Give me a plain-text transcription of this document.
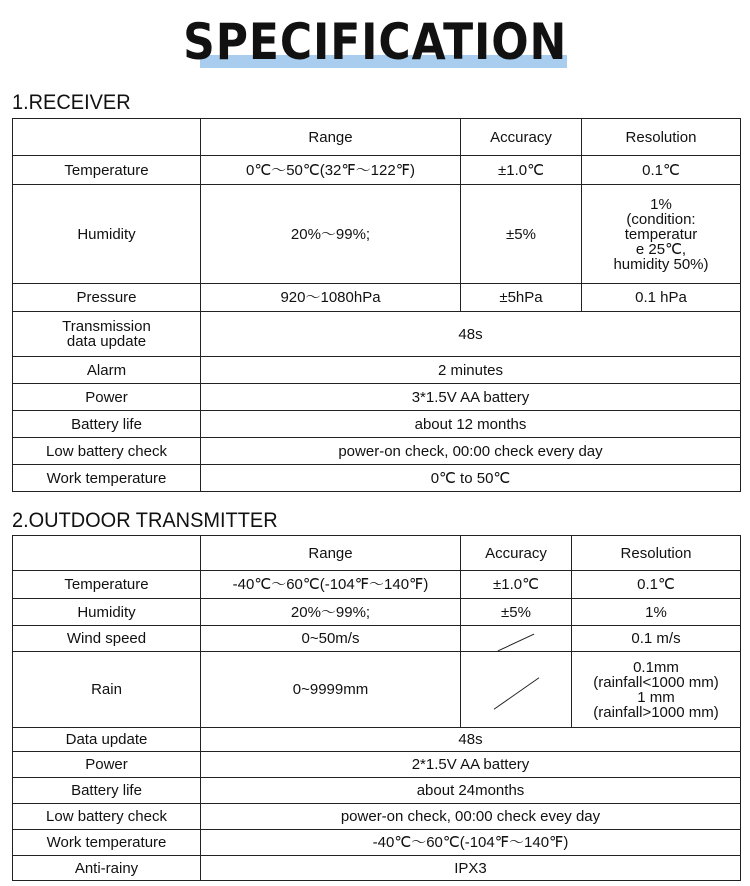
SPECIFICATION
1.RECEIVER
	Range	Accuracy	Resolution
Temperature	0℃～50℃(32℉～122℉)	±1.0℃	0.1℃
Humidity	20%～99%;	±5%	1%
(condition:
temperatur
e 25℃,
humidity 50%)
Pressure	920～1080hPa	±5hPa	0.1 hPa
Transmission
data update	48s		
Alarm	2 minutes		
Power	3*1.5V AA battery		
Battery life	about 12 months		
Low battery check	power-on check, 00:00 check every day		
Work temperature	0℃ to 50℃		
2.OUTDOOR TRANSMITTER
	Range	Accuracy	Resolution
Temperature	-40℃～60℃(-104℉～140℉)	±1.0℃	0.1℃
Humidity	20%～99%;	±5%	1%
Wind speed	0~50m/s		0.1 m/s
Rain	0~9999mm		0.1mm
(rainfall<1000 mm)
1 mm
(rainfall>1000 mm)
Data update	48s		
Power	2*1.5V AA battery		
Battery life	about 24months		
Low battery check	power-on check, 00:00 check evey day		
Work temperature	-40℃～60℃(-104℉～140℉)		
Anti-rainy	IPX3		
